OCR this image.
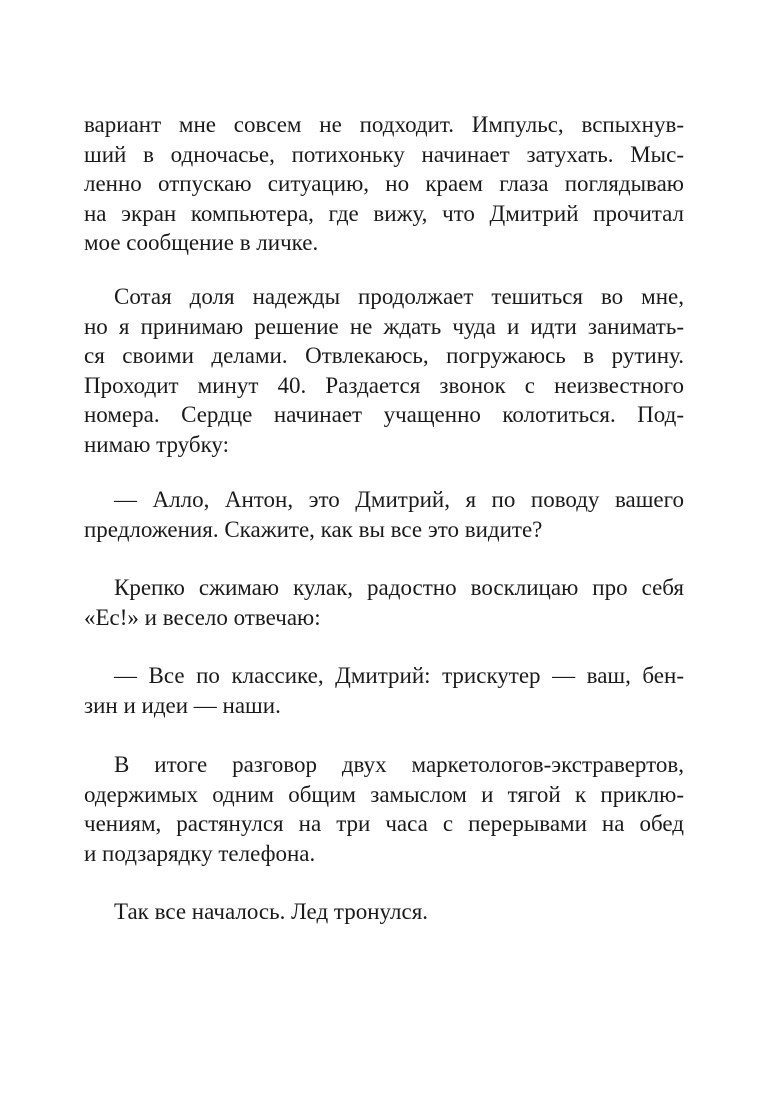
вариант мне совсем не подходит. Импульс, вспыхнув-
ший в одночасье, потихоньку начинает затухать. Мыс-
ленно отпускаю ситуацию, но краем глаза поглядываю
на экран компьютера, где вижу, что Дмитрий прочитал
мое сообщение в личке.
Сотая доля надежды продолжает тешиться во мне,
но я принимаю решение не ждать чуда и идти занимать-
ся своими делами. Отвлекаюсь, погружаюсь в рутину.
Проходит минут 40. Раздается звонок с неизвестного
номера. Сердце начинает учащенно колотиться. Под-
нимаю трубку:
— Алло, Антон, это Дмитрий, я по поводу вашего
предложения. Скажите, как вы все это видите?
Крепко сжимаю кулак, радостно восклицаю про себя
«Ес!» и весело отвечаю:
— Все по классике, Дмитрий: трискутер — ваш, бен-
зин и идеи — наши.
В итоге разговор двух маркетологов-экстравертов,
одержимых одним общим замыслом и тягой к приклю-
чениям, растянулся на три часа с перерывами на обед
и подзарядку телефона.
Так все началось. Лед тронулся.
